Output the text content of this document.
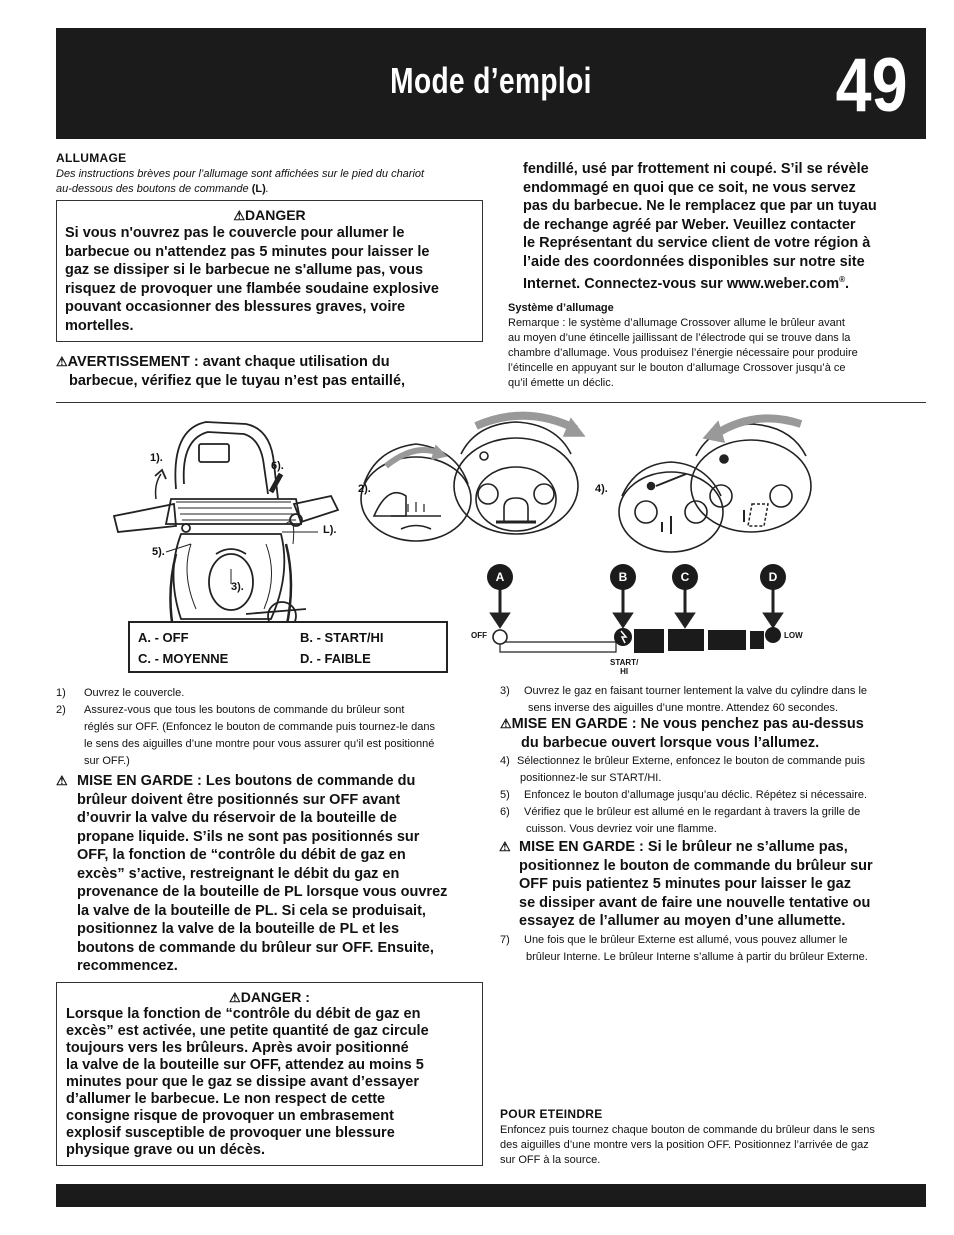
Mode d’emploi	49
ALLUMAGE
Des instructions brèves pour l’allumage sont affichées sur le pied du chariot
au-dessous des boutons de commande (L).
⚠DANGER
Si vous n'ouvrez pas le couvercle pour allumer le
barbecue ou n'attendez pas 5 minutes pour laisser le
gaz se dissiper si le barbecue ne s'allume pas, vous
risquez de provoquer une flambée soudaine explosive
pouvant occasionner des blessures graves, voire
mortelles.
⚠AVERTISSEMENT : avant chaque utilisation du
barbecue, vérifiez que le tuyau n’est pas entaillé,
fendillé, usé par frottement ni coupé. S’il se révèle
endommagé en quoi que ce soit, ne vous servez
pas du barbecue. Ne le remplacez que par un tuyau
de rechange agréé par Weber. Veuillez contacter
le Représentant du service client de votre région à
l’aide des coordonnées disponibles sur notre site
Internet. Connectez-vous sur www.weber.com®.
Système d’allumage
Remarque : le système d’allumage Crossover allume le brûleur avant
au moyen d’une étincelle jaillissant de l’électrode qui se trouve dans la
chambre d’allumage. Vous produisez l’énergie nécessaire pour produire
l’étincelle en appuyant sur le bouton d’allumage Crossover jusqu’à ce
qu’il émette un déclic.
1).
6).
2).
L).
5).
3).
4).
A	B	C	D
OFF	LOW
START/
HI
A. - OFF	B. - START/HI
C. - MOYENNE	D. - FAIBLE
1)	Ouvrez le couvercle.
2)	Assurez-vous que tous les boutons de commande du brûleur sont
réglés sur OFF. (Enfoncez le bouton de commande puis tournez-le dans
le sens des aiguilles d’une montre pour vous assurer qu’il est positionné
sur OFF.)
⚠ MISE EN GARDE : Les boutons de commande du
brûleur doivent être positionnés sur OFF avant
d’ouvrir la valve du réservoir de la bouteille de
propane liquide. S’ils ne sont pas positionnés sur
OFF, la fonction de “contrôle du débit de gaz en
excès” s’active, restreignant le débit du gaz en
provenance de la bouteille de PL lorsque vous ouvrez
la valve de la bouteille de PL. Si cela se produisait,
positionnez la valve de la bouteille de PL et les
boutons de commande du brûleur sur OFF. Ensuite,
recommencez.
⚠DANGER :
Lorsque la fonction de “contrôle du débit de gaz en
excès” est activée, une petite quantité de gaz circule
toujours vers les brûleurs. Après avoir positionné
la valve de la bouteille sur OFF, attendez au moins 5
minutes pour que le gaz se dissipe avant d’essayer
d’allumer le barbecue. Le non respect de cette
consigne risque de provoquer un embrasement
explosif susceptible de provoquer une blessure
physique grave ou un décès.
3)	Ouvrez le gaz en faisant tourner lentement la valve du cylindre dans le
sens inverse des aiguilles d’une montre. Attendez 60 secondes.
⚠MISE EN GARDE : Ne vous penchez pas au-dessus
du barbecue ouvert lorsque vous l’allumez.
4) Sélectionnez le brûleur Externe, enfoncez le bouton de commande puis
positionnez-le sur START/HI.
5)	Enfoncez le bouton d’allumage jusqu’au déclic. Répétez si nécessaire.
6)	Vérifiez que le brûleur est allumé en le regardant à travers la grille de
cuisson. Vous devriez voir une flamme.
⚠ MISE EN GARDE : Si le brûleur ne s’allume pas,
positionnez le bouton de commande du brûleur sur
OFF puis patientez 5 minutes pour laisser le gaz
se dissiper avant de faire une nouvelle tentative ou
essayez de l’allumer au moyen d’une allumette.
7)	Une fois que le brûleur Externe est allumé, vous pouvez allumer le
brûleur Interne. Le brûleur Interne s’allume à partir du brûleur Externe.
POUR ETEINDRE
Enfoncez puis tournez chaque bouton de commande du brûleur dans le sens
des aiguilles d’une montre vers la position OFF. Positionnez l’arrivée de gaz
sur OFF à la source.
